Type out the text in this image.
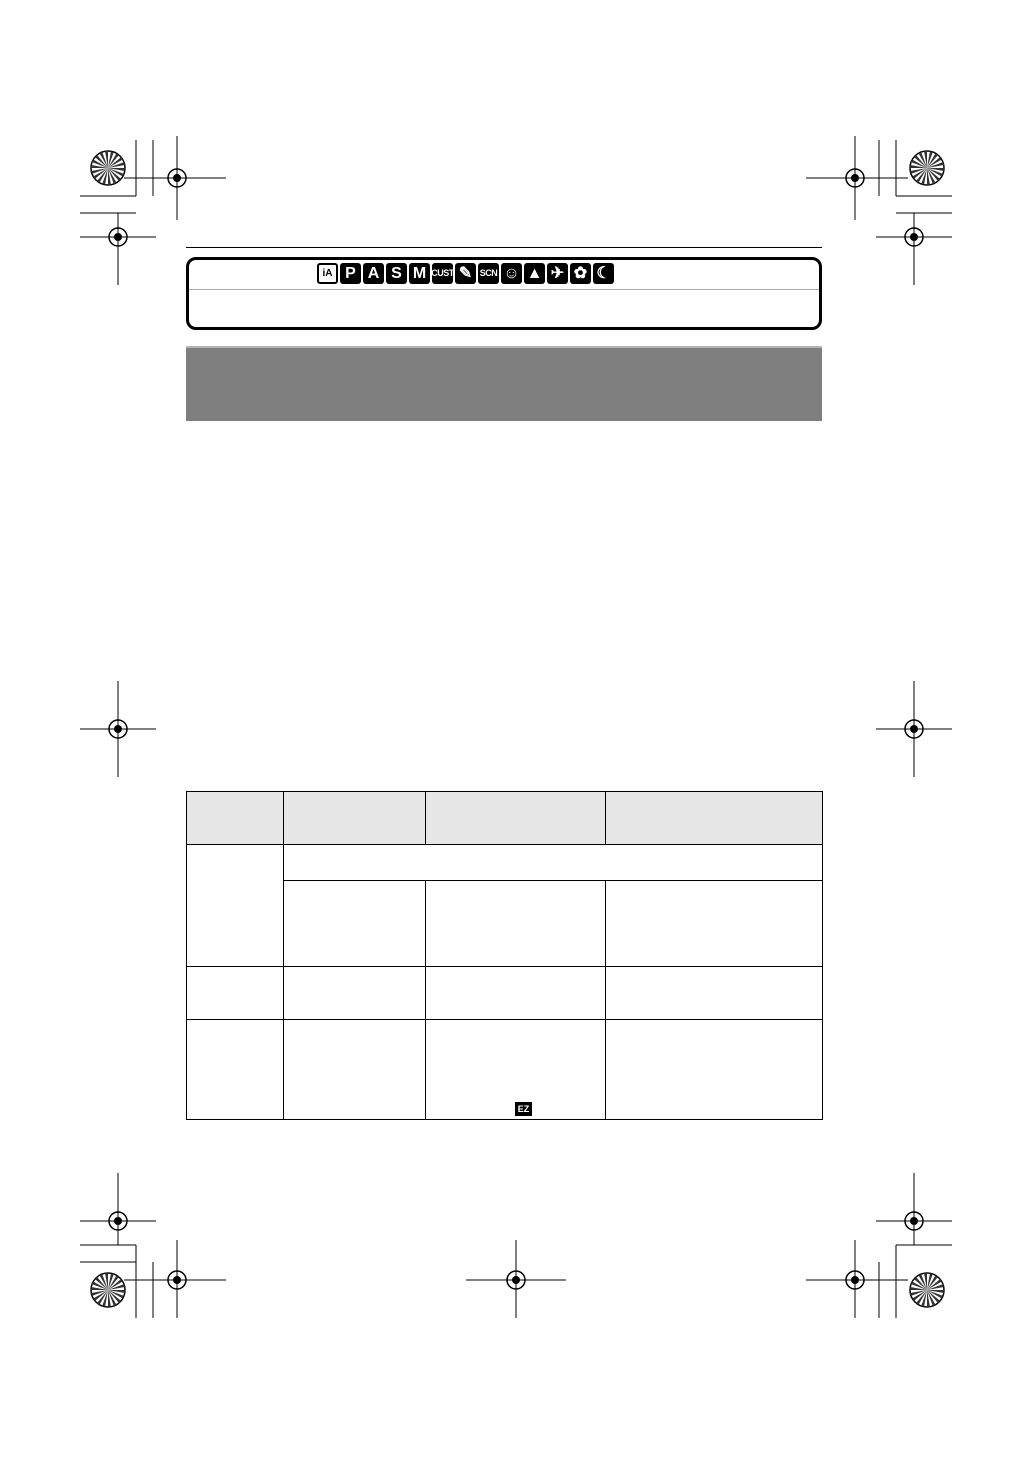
iA P A S M CUST ✎ SCN ☺ ▲ ✈ ✿ ☾

EZ
